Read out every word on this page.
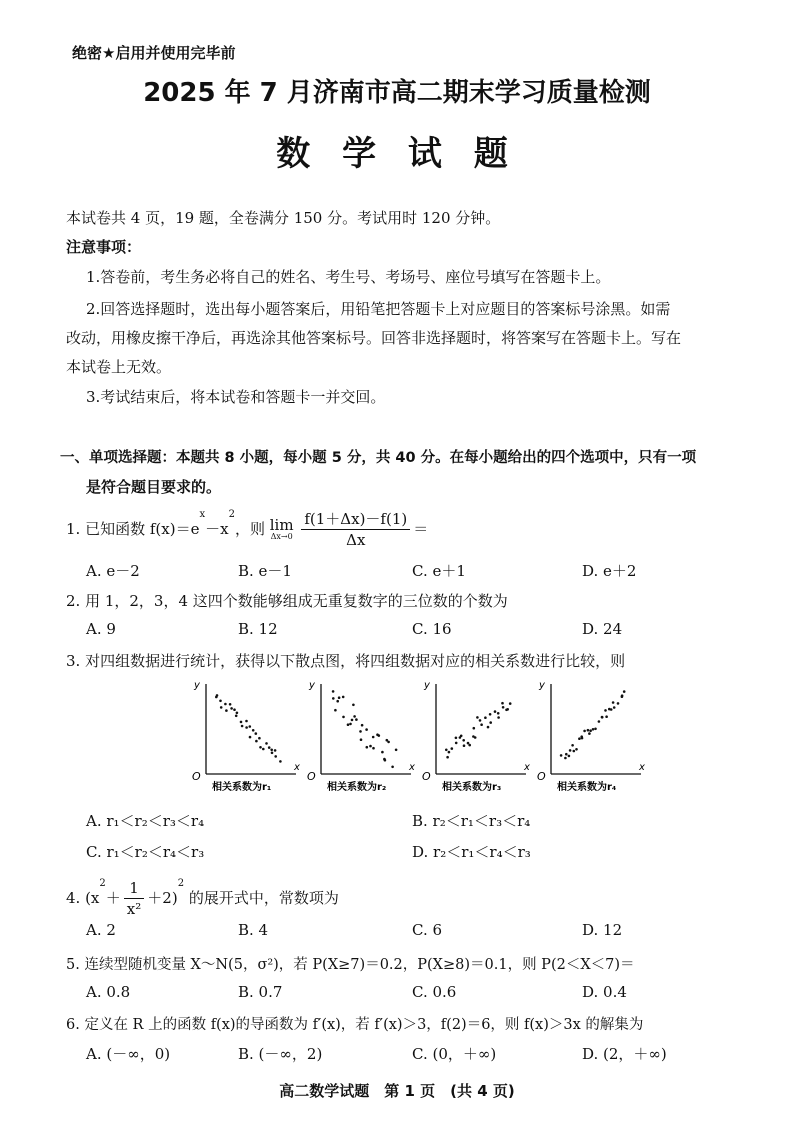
绝密★启用并使用完毕前
2025 年 7 月济南市高二期末学习质量检测
数 学 试 题
本试卷共 4 页，19 题，全卷满分 150 分。考试用时 120 分钟。
注意事项：
1.答卷前，考生务必将自己的姓名、考生号、考场号、座位号填写在答题卡上。
2.回答选择题时，选出每小题答案后，用铅笔把答题卡上对应题目的答案标号涂黑。如需
改动，用橡皮擦干净后，再选涂其他答案标号。回答非选择题时，将答案写在答题卡上。写在
本试卷上无效。
3.考试结束后，将本试卷和答题卡一并交回。
一、单项选择题：本题共 8 小题，每小题 5 分，共 40 分。在每小题给出的四个选项中，只有一项
是符合题目要求的。
1. 已知函数 $f(x)=e^x-x^2$，则 lim
Δx→0
$\frac{f(1+\Delta x)-f(1)}{\Delta x}$ ＝
A. e－2	B. e－1	C. e＋1	D. e＋2
2. 用 1，2，3，4 这四个数能够组成无重复数字的三位数的个数为
A. 9	B. 12	C. 16	D. 24
3. 对四组数据进行统计，获得以下散点图，将四组数据对应的相关系数进行比较，则
y
x
O
相关系数为r₁
y
x
O
相关系数为r₂
y
x
O
相关系数为r₃
y
x
O
相关系数为r₄
A. r₁＜r₂＜r₃＜r₄	B. r₂＜r₁＜r₃＜r₄
C. r₁＜r₂＜r₄＜r₃	D. r₂＜r₁＜r₄＜r₃
4. $(x^2+ \frac{1}{\text{x²}} +2)^2$ 的展开式中，常数项为
A. 2	B. 4	C. 6	D. 12
5. 连续型随机变量 X～N(5，σ²)，若 P(X≥7)＝0.2，P(X≥8)＝0.1，则 P(2＜X＜7)＝
A. 0.8	B. 0.7	C. 0.6	D. 0.4
6. 定义在 R 上的函数 f(x)的导函数为 f′(x)，若 f′(x)＞3，f(2)＝6，则 f(x)＞3x 的解集为
A. (－∞，0)	B. (－∞，2)	C. (0，＋∞)	D. (2，＋∞)
高二数学试题　第 1 页　(共 4 页)
